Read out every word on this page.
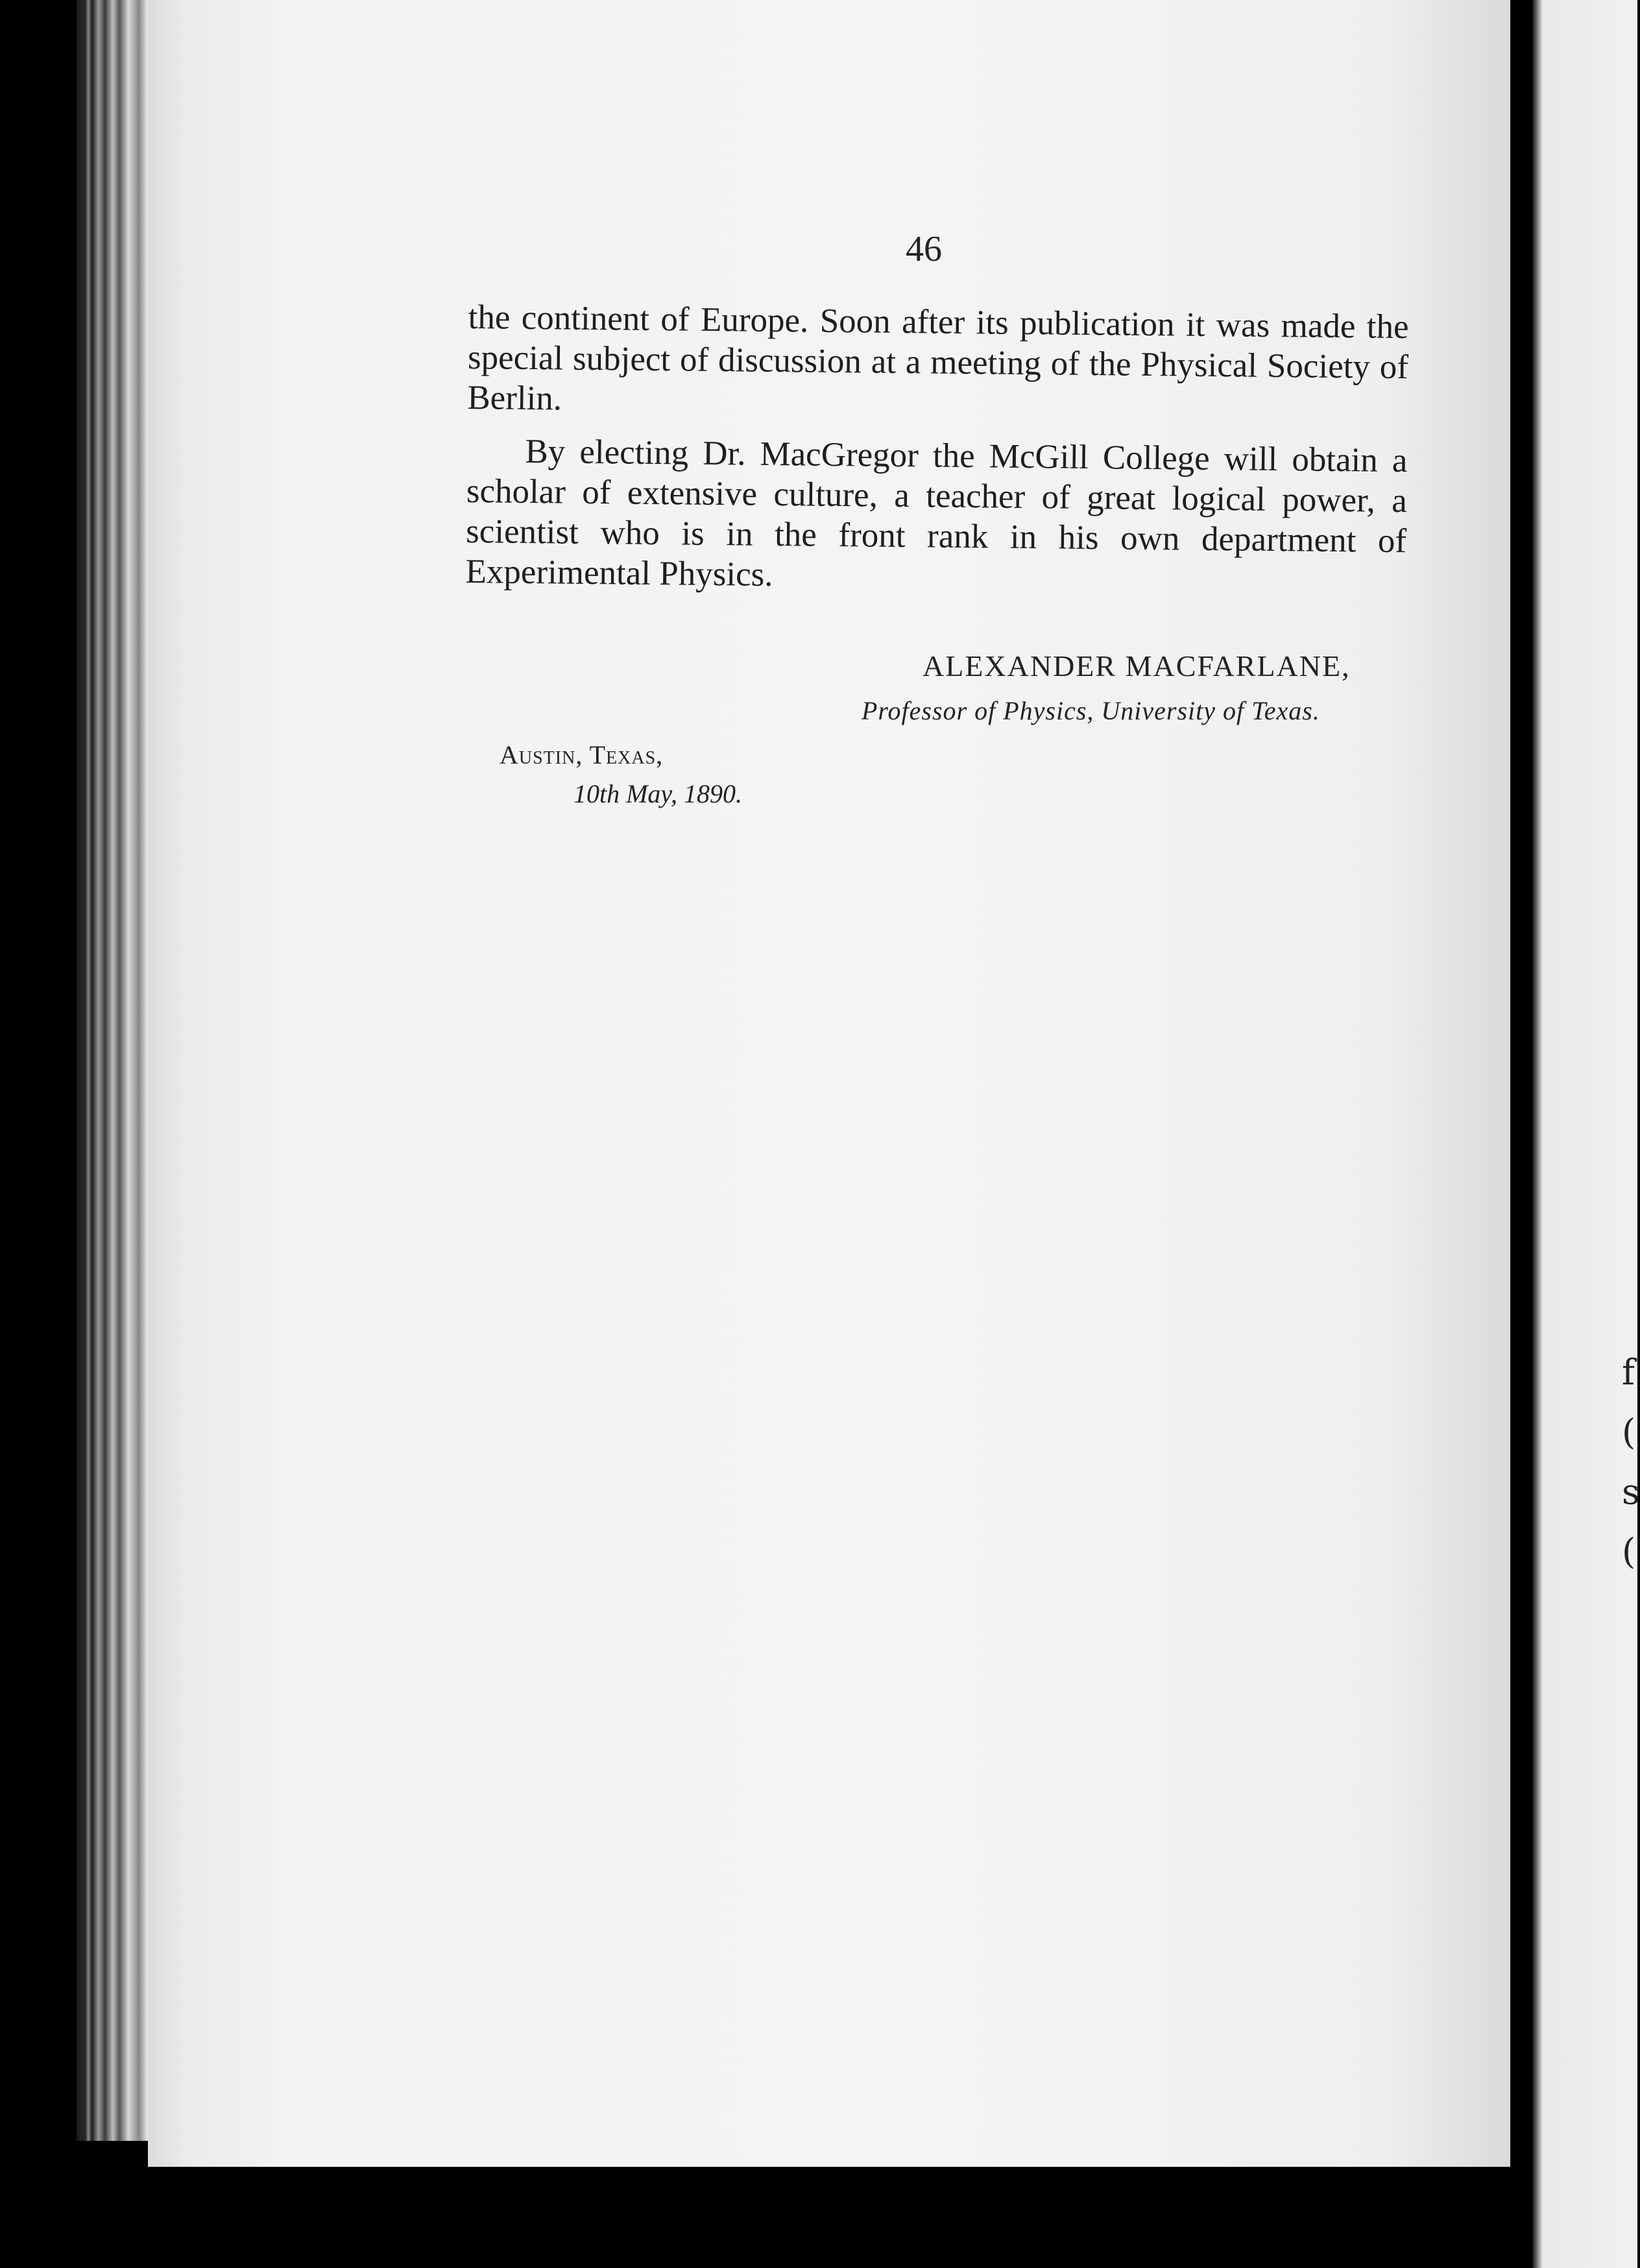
46

the continent of Europe. Soon after its publication it was made the special subject of discussion at a meeting of the Physical Society of Berlin.

By electing Dr. MacGregor the McGill College will obtain a scholar of extensive culture, a teacher of great logical power, a scientist who is in the front rank in his own department of Experimental Physics.

ALEXANDER MACFARLANE,
Professor of Physics, University of Texas.
Austin, Texas,
10th May, 1890.
f
(
s
(
